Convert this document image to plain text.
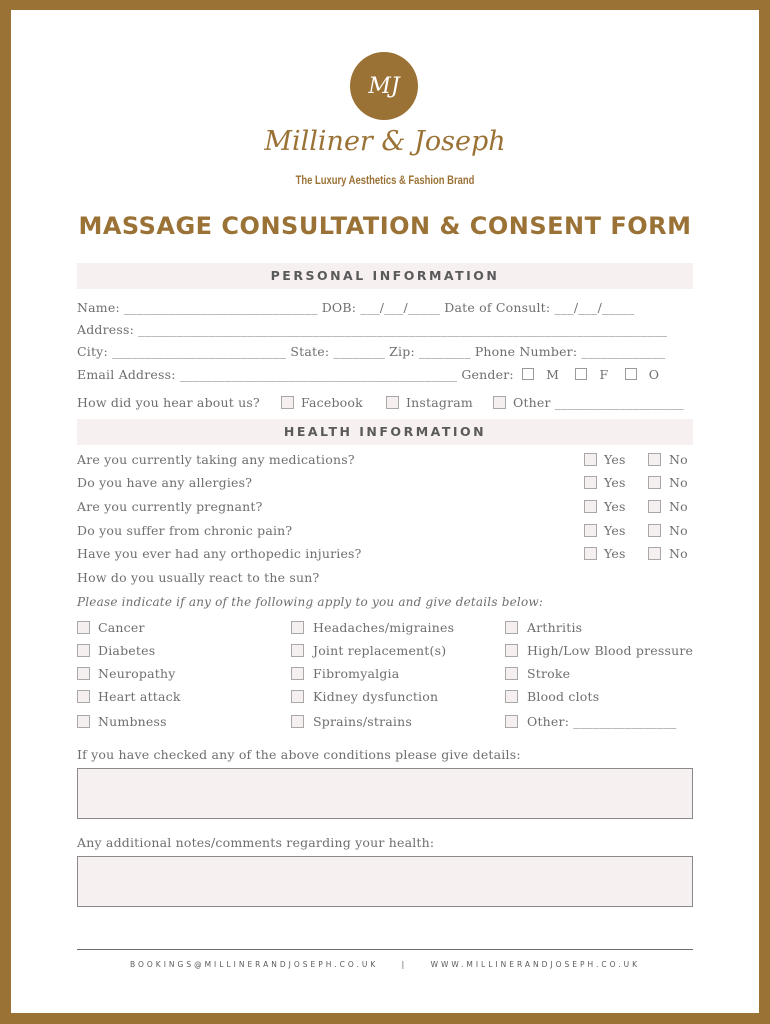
MJ
Milliner & Joseph
The Luxury Aesthetics & Fashion Brand
MASSAGE CONSULTATION & CONSENT FORM
PERSONAL INFORMATION
Name: ______________________________ DOB: ___/___/_____ Date of Consult: ___/___/_____
Address: __________________________________________________________________________________
City: ___________________________ State: ________ Zip: ________ Phone Number: _____________
Email Address: ___________________________________________ Gender:	M	F	O
How did you hear about us?	Facebook	Instagram	Other ____________________
HEALTH INFORMATION
Are you currently taking any medications?	Yes	No
Do you have any allergies?	Yes	No
Are you currently pregnant?	Yes	No
Do you suffer from chronic pain?	Yes	No
Have you ever had any orthopedic injuries?	Yes	No
How do you usually react to the sun?
Please indicate if any of the following apply to you and give details below:
Cancer	Headaches/migraines	Arthritis
Diabetes	Joint replacement(s)	High/Low Blood pressure
Neuropathy	Fibromyalgia	Stroke
Heart attack	Kidney dysfunction	Blood clots
Numbness	Sprains/strains	Other: ________________
If you have checked any of the above conditions please give details:
Any additional notes/comments regarding your health:
BOOKINGS@MILLINERANDJOSEPH.CO.UK	|	WWW.MILLINERANDJOSEPH.CO.UK
